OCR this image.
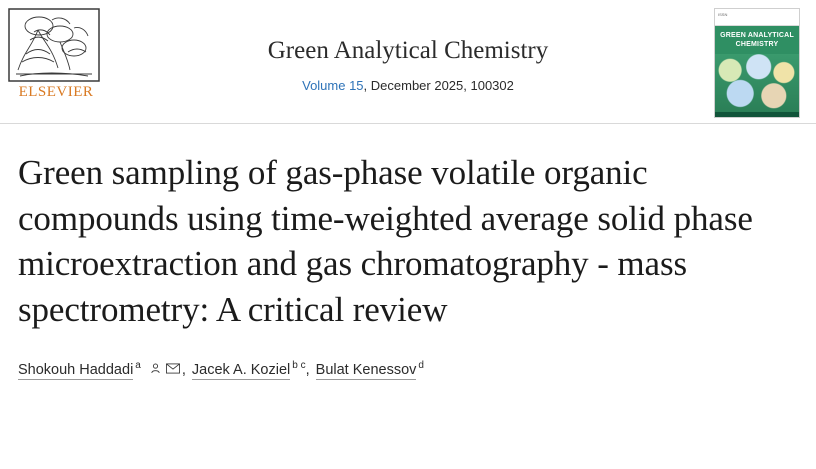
ELSEVIER
Green Analytical Chemistry
Volume 15, December 2025, 100302
ISSN
GREEN ANALYTICAL CHEMISTRY
Green sampling of gas-phase volatile organic compounds using time-weighted average solid phase microextraction and gas chromatography - mass spectrometry: A critical review
Shokouh Haddadi $^a$	, Jacek A. Koziel $^{b c}$, Bulat Kenessov $^d$
